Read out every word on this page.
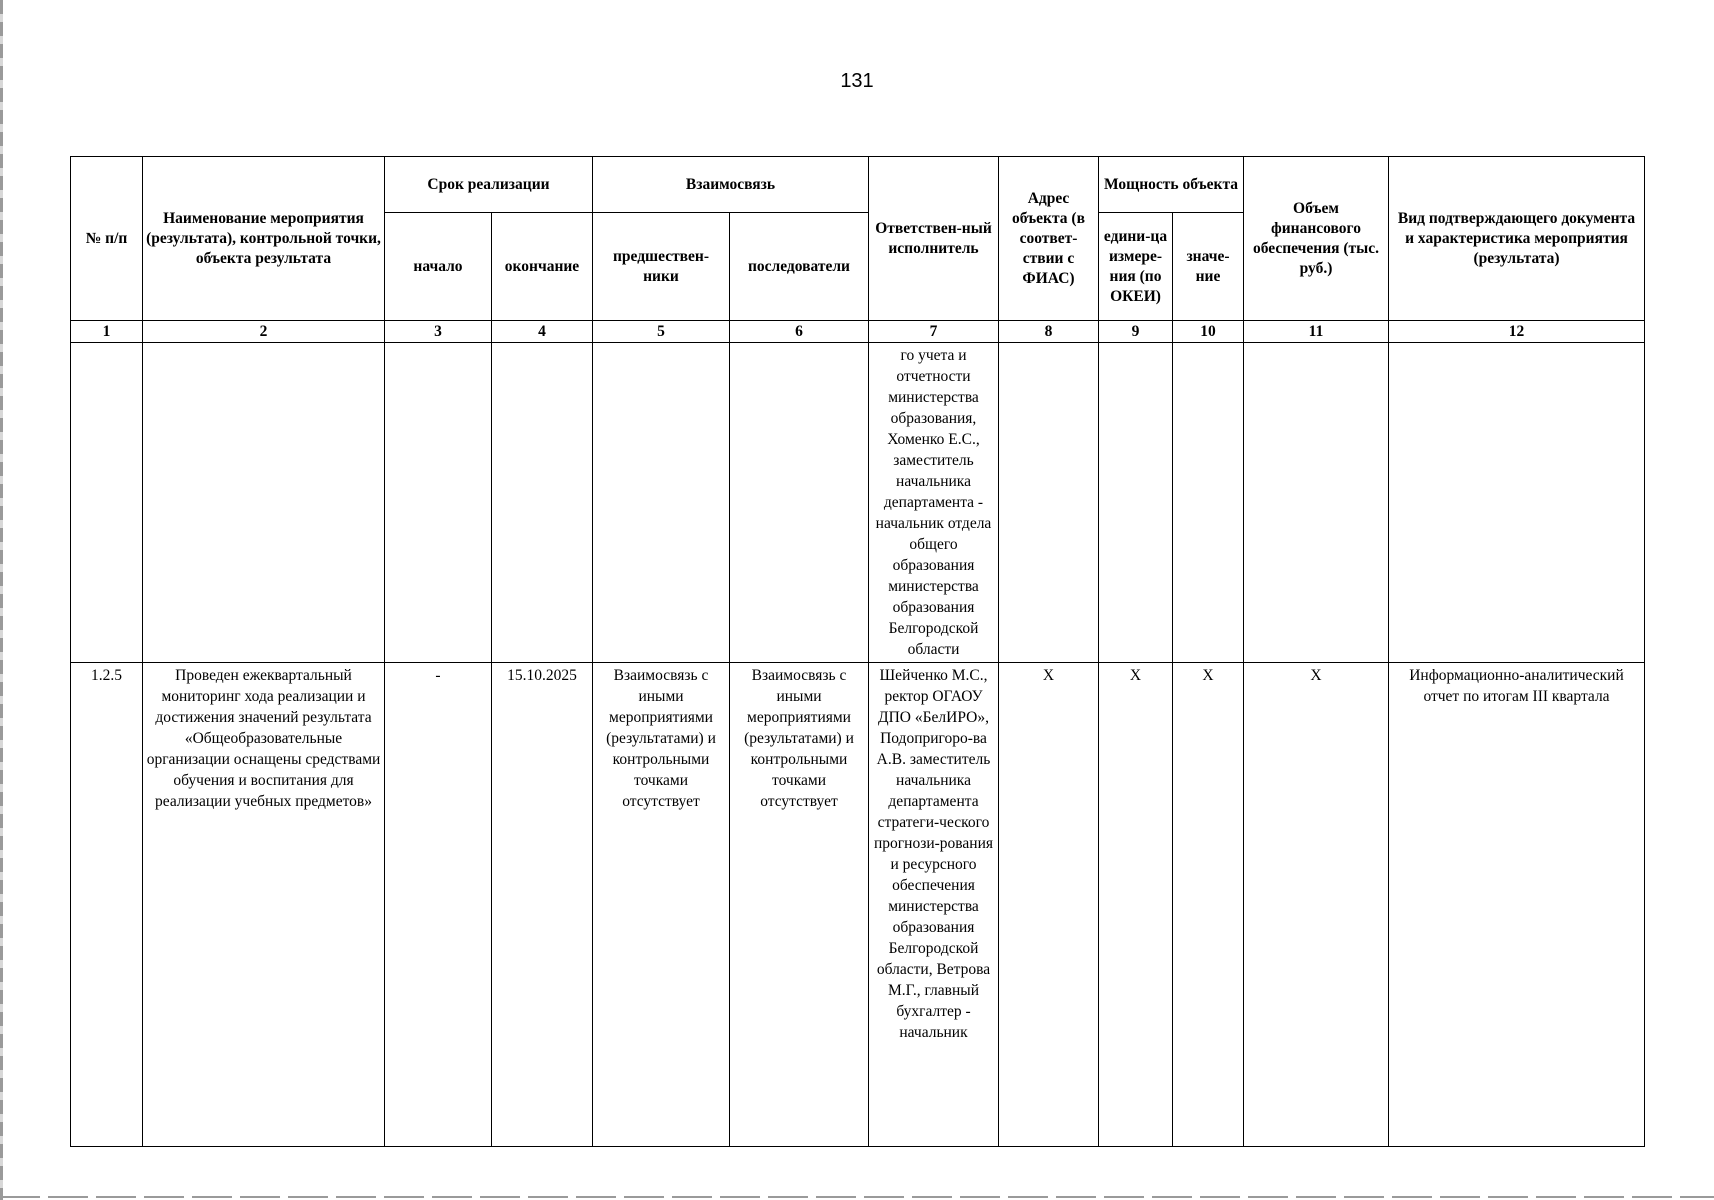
131
№ п/п	Наименование мероприятия (результата), контрольной точки, объекта результата	Срок реализации		Взаимосвязь		Ответствен-ный исполнитель	Адрес объекта (в соответ-ствии с ФИАС)	Мощность объекта		Объем финансового обеспечения (тыс. руб.)	Вид подтверждающего документа и характеристика мероприятия (результата)
		начало	окончание	предшествен-ники	последователи			едини-ца измере-ния (по ОКЕИ)	значе-ние		
1	2	3	4	5	6	7	8	9	10	11	12
						го учета и отчетности министерства образования, Хоменко Е.С., заместитель начальника департамента - начальник отдела общего образования министерства образования Белгородской области					
1.2.5	Проведен ежеквартальный мониторинг хода реализации и достижения значений результата «Общеобразовательные организации оснащены средствами обучения и воспитания для реализации учебных предметов»	-	15.10.2025	Взаимосвязь с иными мероприятиями (результатами) и контрольными точками отсутствует	Взаимосвязь с иными мероприятиями (результатами) и контрольными точками отсутствует	Шейченко М.С., ректор ОГАОУ ДПО «БелИРО», Подопригоро-ва А.В. заместитель начальника департамента стратеги-ческого прогнози-рования и ресурсного обеспечения министерства образования Белгородской области, Ветрова М.Г., главный бухгалтер - начальник	Х	Х	Х	Х	Информационно-аналитический отчет по итогам III квартала
